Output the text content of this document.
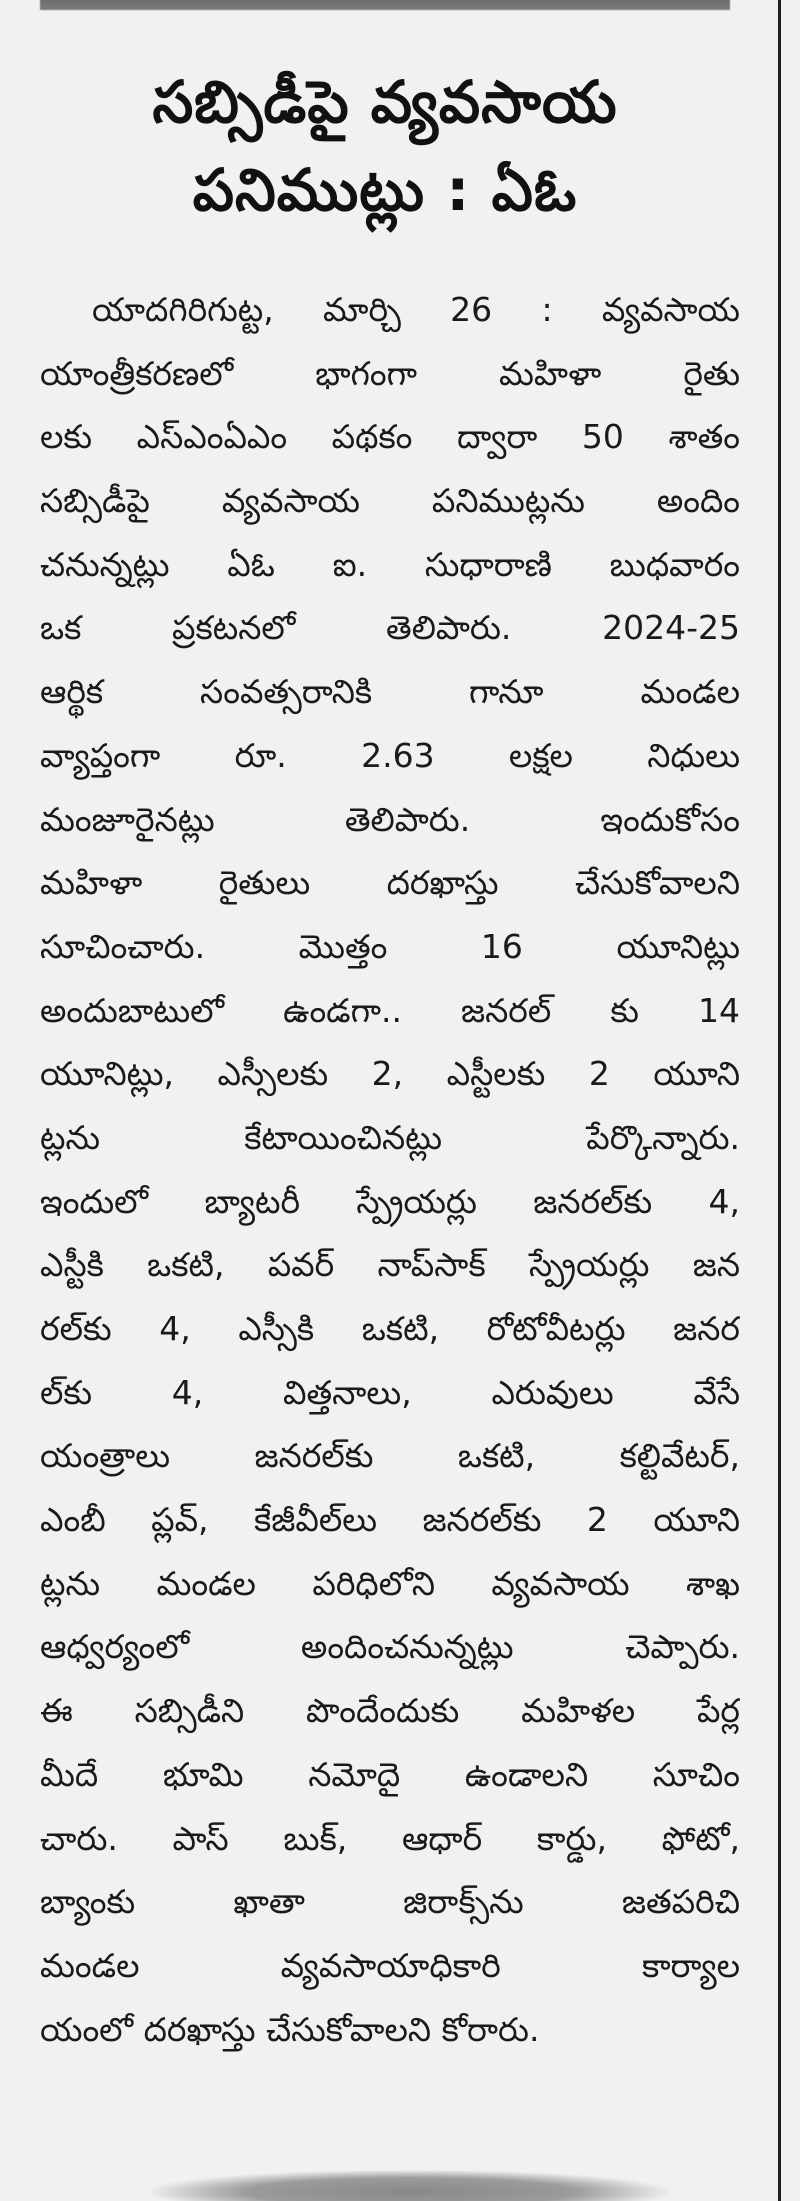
సబ్సిడీపై వ్యవసాయ
పనిముట్లు : ఏఓ
యాదగిరిగుట్ట, మార్చి 26 : వ్యవసాయ
యాంత్రీకరణలో భాగంగా మహిళా రైతు
లకు ఎస్ఎంఏఎం పథకం ద్వారా 50 శాతం
సబ్సిడీపై వ్యవసాయ పనిముట్లను అందిం
చనున్నట్లు ఏఓ ఐ. సుధారాణి బుధవారం
ఒక ప్రకటనలో తెలిపారు. 2024-25
ఆర్థిక సంవత్సరానికి గానూ మండల
వ్యాప్తంగా రూ. 2.63 లక్షల నిధులు
మంజూరైనట్లు తెలిపారు. ఇందుకోసం
మహిళా రైతులు దరఖాస్తు చేసుకోవాలని
సూచించారు. మొత్తం 16 యూనిట్లు
అందుబాటులో ఉండగా.. జనరల్ కు 14
యూనిట్లు, ఎస్సీలకు 2, ఎస్టీలకు 2 యూని
ట్లను కేటాయించినట్లు పేర్కొన్నారు.
ఇందులో బ్యాటరీ స్ప్రేయర్లు జనరల్‌కు 4,
ఎస్టీకి ఒకటి, పవర్ నాప్‌సాక్ స్ప్రేయర్లు జన
రల్‌కు 4, ఎస్సీకి ఒకటి, రోటోవీటర్లు జనర
ల్‌కు 4, విత్తనాలు, ఎరువులు వేసే
యంత్రాలు జనరల్‌కు ఒకటి, కల్టివేటర్,
ఎంబీ ప్లవ్, కేజీవీల్‌లు జనరల్‌కు 2 యూని
ట్లను మండల పరిధిలోని వ్యవసాయ శాఖ
ఆధ్వర్యంలో అందించనున్నట్లు చెప్పారు.
ఈ సబ్సిడీని పొందేందుకు మహిళల పేర్ల
మీదే భూమి నమోదై ఉండాలని సూచిం
చారు. పాస్ బుక్, ఆధార్ కార్డు, ఫోటో,
బ్యాంకు ఖాతా జిరాక్స్‌ను జతపరిచి
మండల వ్యవసాయాధికారి కార్యాల
యంలో దరఖాస్తు చేసుకోవాలని కోరారు.
